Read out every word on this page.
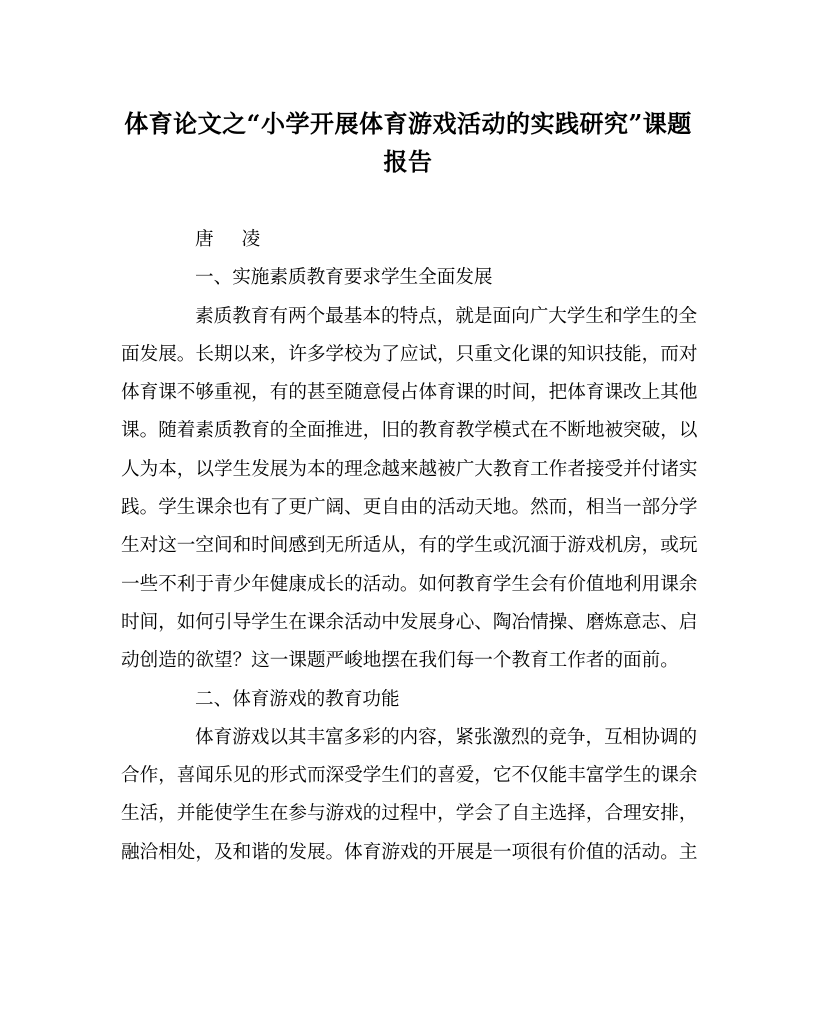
体育论文之“小学开展体育游戏活动的实践研究”课题
报告
唐 凌
一、实施素质教育要求学生全面发展
素质教育有两个最基本的特点，就是面向广大学生和学生的全
面发展。长期以来，许多学校为了应试，只重文化课的知识技能，而对
体育课不够重视，有的甚至随意侵占体育课的时间，把体育课改上其他
课。随着素质教育的全面推进，旧的教育教学模式在不断地被突破，以
人为本，以学生发展为本的理念越来越被广大教育工作者接受并付诸实
践。学生课余也有了更广阔、更自由的活动天地。然而，相当一部分学
生对这一空间和时间感到无所适从，有的学生或沉湎于游戏机房，或玩
一些不利于青少年健康成长的活动。如何教育学生会有价值地利用课余
时间，如何引导学生在课余活动中发展身心、陶冶情操、磨炼意志、启
动创造的欲望？这一课题严峻地摆在我们每一个教育工作者的面前。
二、体育游戏的教育功能
体育游戏以其丰富多彩的内容，紧张激烈的竞争，互相协调的
合作，喜闻乐见的形式而深受学生们的喜爱，它不仅能丰富学生的课余
生活，并能使学生在参与游戏的过程中，学会了自主选择，合理安排，
融洽相处，及和谐的发展。体育游戏的开展是一项很有价值的活动。主
